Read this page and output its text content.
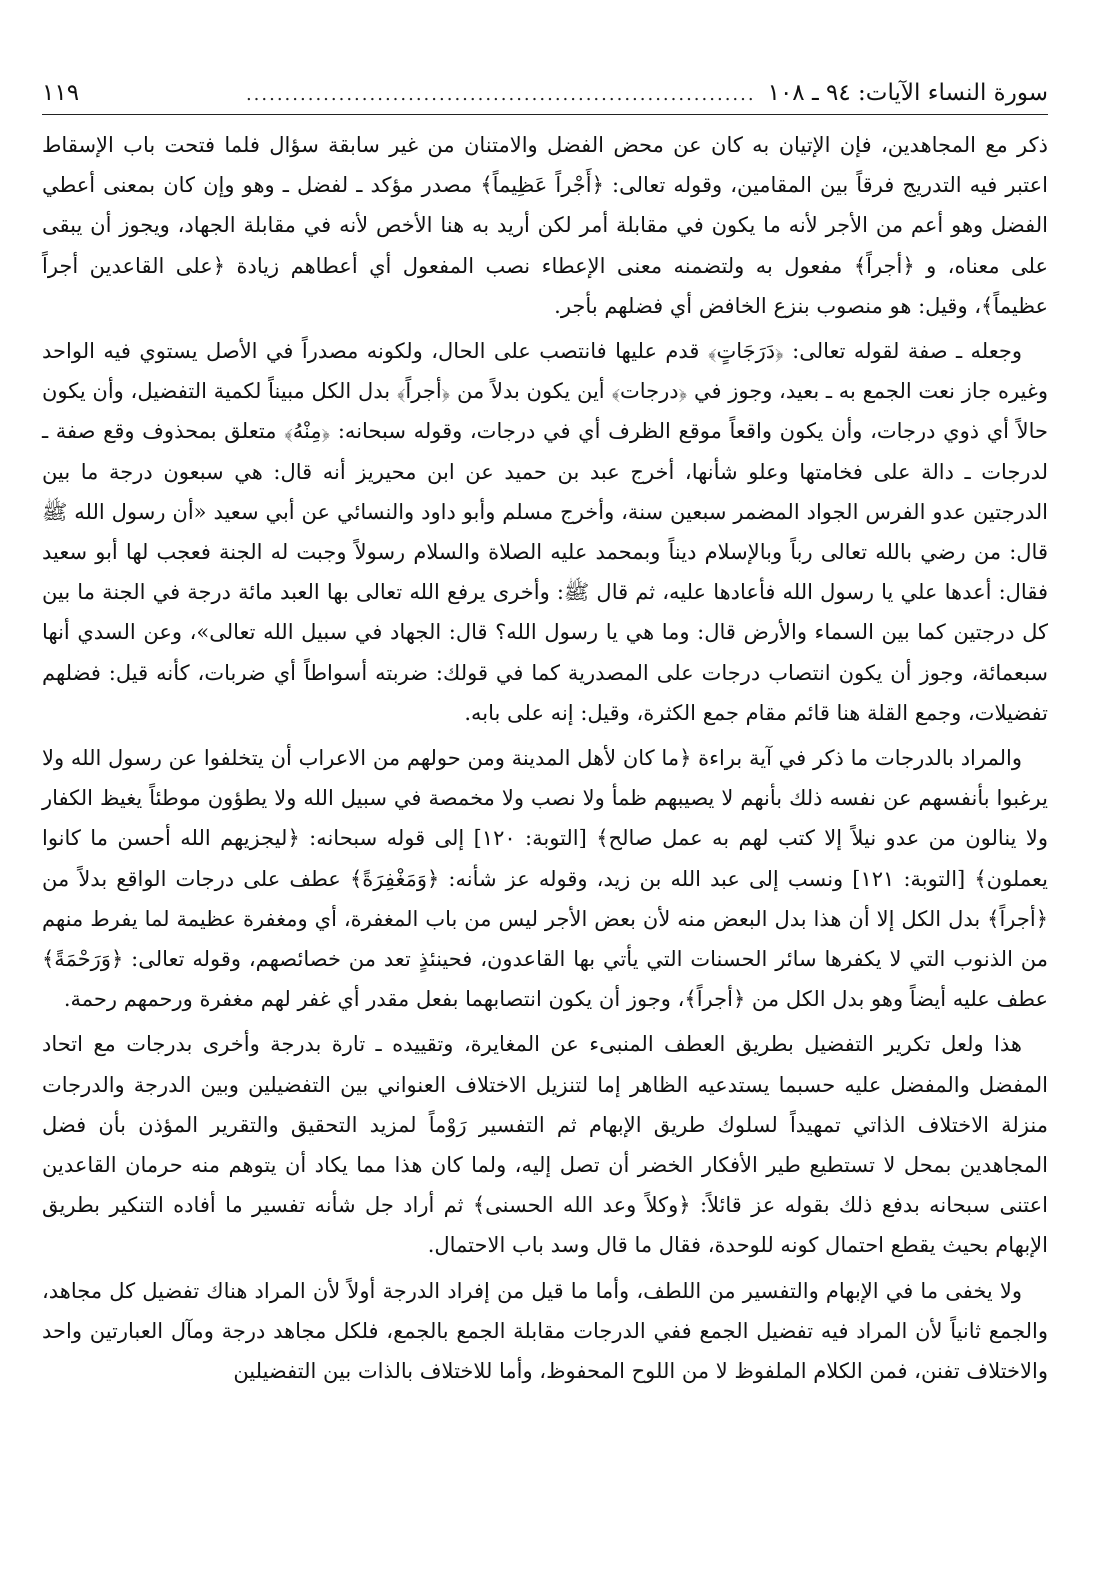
سورة النساء الآيات: ٩٤ ـ ١٠٨
..................................................................
١١٩

ذكر مع المجاهدين، فإن الإتيان به كان عن محض الفضل والامتنان من غير سابقة سؤال فلما فتحت باب الإسقاط اعتبر فيه التدريج فرقاً بين المقامين، وقوله تعالى: ﴿أَجْراً عَظِيماً﴾ مصدر مؤكد ـ لفضل ـ وهو وإن كان بمعنى أعطي الفضل وهو أعم من الأجر لأنه ما يكون في مقابلة أمر لكن أريد به هنا الأخص لأنه في مقابلة الجهاد، ويجوز أن يبقى على معناه، و ﴿أجراً﴾ مفعول به ولتضمنه معنى الإعطاء نصب المفعول أي أعطاهم زيادة ﴿على القاعدين أجراً عظيماً﴾، وقيل: هو منصوب بنزع الخافض أي فضلهم بأجر.

وجعله ـ صفة لقوله تعالى: ﴿دَرَجَاتٍ﴾ قدم عليها فانتصب على الحال، ولكونه مصدراً في الأصل يستوي فيه الواحد وغيره جاز نعت الجمع به ـ بعيد، وجوز في ﴿درجات﴾ أين يكون بدلاً من ﴿أجراً﴾ بدل الكل مبيناً لكمية التفضيل، وأن يكون حالاً أي ذوي درجات، وأن يكون واقعاً موقع الظرف أي في درجات، وقوله سبحانه: ﴿مِنْهُ﴾ متعلق بمحذوف وقع صفة ـ لدرجات ـ دالة على فخامتها وعلو شأنها، أخرج عبد بن حميد عن ابن محيريز أنه قال: هي سبعون درجة ما بين الدرجتين عدو الفرس الجواد المضمر سبعين سنة، وأخرج مسلم وأبو داود والنسائي عن أبي سعيد «أن رسول الله ﷺ قال: من رضي بالله تعالى رباً وبالإسلام ديناً وبمحمد عليه الصلاة والسلام رسولاً وجبت له الجنة فعجب لها أبو سعيد فقال: أعدها علي يا رسول الله فأعادها عليه، ثم قال ﷺ: وأخرى يرفع الله تعالى بها العبد مائة درجة في الجنة ما بين كل درجتين كما بين السماء والأرض قال: وما هي يا رسول الله؟ قال: الجهاد في سبيل الله تعالى»، وعن السدي أنها سبعمائة، وجوز أن يكون انتصاب درجات على المصدرية كما في قولك: ضربته أسواطاً أي ضربات، كأنه قيل: فضلهم تفضيلات، وجمع القلة هنا قائم مقام جمع الكثرة، وقيل: إنه على بابه.

والمراد بالدرجات ما ذكر في آية براءة ﴿ما كان لأهل المدينة ومن حولهم من الاعراب أن يتخلفوا عن رسول الله ولا يرغبوا بأنفسهم عن نفسه ذلك بأنهم لا يصيبهم ظمأ ولا نصب ولا مخمصة في سبيل الله ولا يطؤون موطئاً يغيظ الكفار ولا ينالون من عدو نيلاً إلا كتب لهم به عمل صالح﴾ [التوبة: ١٢٠] إلى قوله سبحانه: ﴿ليجزيهم الله أحسن ما كانوا يعملون﴾ [التوبة: ١٢١] ونسب إلى عبد الله بن زيد، وقوله عز شأنه: ﴿وَمَغْفِرَةً﴾ عطف على درجات الواقع بدلاً من ﴿أجراً﴾ بدل الكل إلا أن هذا بدل البعض منه لأن بعض الأجر ليس من باب المغفرة، أي ومغفرة عظيمة لما يفرط منهم من الذنوب التي لا يكفرها سائر الحسنات التي يأتي بها القاعدون، فحينئذٍ تعد من خصائصهم، وقوله تعالى: ﴿وَرَحْمَةً﴾ عطف عليه أيضاً وهو بدل الكل من ﴿أجراً﴾، وجوز أن يكون انتصابهما بفعل مقدر أي غفر لهم مغفرة ورحمهم رحمة.

هذا ولعل تكرير التفضيل بطريق العطف المنبىء عن المغايرة، وتقييده ـ تارة بدرجة وأخرى بدرجات مع اتحاد المفضل والمفضل عليه حسبما يستدعيه الظاهر إما لتنزيل الاختلاف العنواني بين التفضيلين وبين الدرجة والدرجات منزلة الاختلاف الذاتي تمهيداً لسلوك طريق الإبهام ثم التفسير رَوْماً لمزيد التحقيق والتقرير المؤذن بأن فضل المجاهدين بمحل لا تستطيع طير الأفكار الخضر أن تصل إليه، ولما كان هذا مما يكاد أن يتوهم منه حرمان القاعدين اعتنى سبحانه بدفع ذلك بقوله عز قائلاً: ﴿وكلاً وعد الله الحسنى﴾ ثم أراد جل شأنه تفسير ما أفاده التنكير بطريق الإبهام بحيث يقطع احتمال كونه للوحدة، فقال ما قال وسد باب الاحتمال.

ولا يخفى ما في الإبهام والتفسير من اللطف، وأما ما قيل من إفراد الدرجة أولاً لأن المراد هناك تفضيل كل مجاهد، والجمع ثانياً لأن المراد فيه تفضيل الجمع ففي الدرجات مقابلة الجمع بالجمع، فلكل مجاهد درجة ومآل العبارتين واحد والاختلاف تفنن، فمن الكلام الملفوظ لا من اللوح المحفوظ، وأما للاختلاف بالذات بين التفضيلين
